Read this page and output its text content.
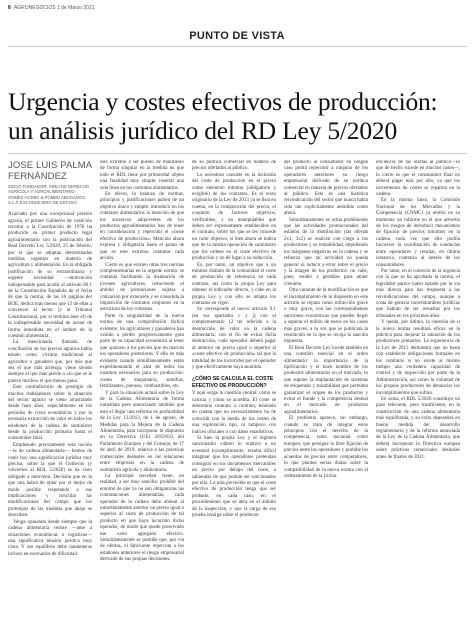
8 AGRONEGOCIOS 1 de Marzo 2021
PUNTO DE VISTA
Urgencia y costes efectivos de producción: un análisis jurídico del RD Ley 5/2020
JOSE LUIS PALMA FERNÁNDEZ
SOCIO FUNDADOR, ÁREA DE DERECHO AGRÍCOLA Y AGROALIMENTARIO · GÓMEZ-ACEBO & POMBO ABOGADOS S.L.P. EXCONSEJERO DE ESTADO

Acaciado por una excepcional presión agraria, el primer Gobierno de coalición recortar a la Constitución de 1978 ha producido su primer producto legal agroalimentario con la publicación del Real Decreto Ley 5/2020, 25 de febrero, por el que se adoptan determinadas medidas urgentes en materia de agricultura y alimentación. En la obligada justificación de su extraordinaria y urgente necesidad —motivación indispensable para acudir al artículo 86.1 de la Constitución Española de el fecha de que la norma, de las 16 páginas del BOE, dedica más menos que 13 de ellas a convencer al lector (y al Tribunal Constitucional, por si termina ante él) de la indispensable necesidad de actuar de forma inmediata en el ámbito de la cuestión alimentaria.

La mencionada llamada de conciliación de los precios agrarios había estado como víctima tradicional al agricultor o ganadero que, por más que sea el que más arriesga, viene siendo siempre el que más pierde o «lo que se le parece mucho» el que menos gana.

Este contradictorio de prestigio de muchos trabajadores sobre la situación del sector agrario se viene arrastrando desde hace años, especialmente en los periodos de crisis económicas y por la necesaria extracción de valor en todos los eslabones de la cadena de suministro desde la producción primaria hasta el consumidor final.

Empleando precisamente esta noción —la de cadena alimentaria— hemos de venir hoy una significación jurídica muy precisa, sobre la que el Gobierno (y volvemos al RDL 5/2020) se ha visto obligado a intervenir. Decisión que en la que una habrá de optar por el mejor de modo posible respetando a sus implicaciones y conciliar las modificaciones del campo que los prototipos de las medidas que abajo se describen.

Venga opinando desde siempre que la cadena alimentaria resiste —ante a situaciones económicas o logísticas— una significativa tensión jurídica muy clara. Y ese equilibrio debe mantenerse incluso en escenarios de dificultad.

este extremo a ser puesto de manifiesto de forma singular en la medida en que todo el RDL tiene por primordial objeto una finalidad muy simple: insertar una sola línea en los contratos alimentarios.

En efecto, la balanza de normas, principios y justificaciones parten de un objetivo único y simple: introducir en los contratos alimentarios la mención de que los sucesivos adquirentes de los productos agroalimentarios han de tener en consideración y repercutir el «coste efectivo de producción». Mención ahora expresa y obligatoria hasta el punto de que es este extremo contratar cada acción.

Cierto es que existen otras tres normas complementarias en la urgente norma: se continúa facilitando la instalación de jóvenes agricultores, reduciendo el ámbito de prestaciones sujetas a cotización por extensión y se consolida la imposición de contratos conjuntos en la estructura de los contratos.

Parte la singularidad de la nueva norma de una comprobación fáctica evidente: los agricultores y ganaderos han venido a perder progresivamente gran parte de su capacidad económica al tener que «pactar» a los precios que les marcan los operadores posteriores. Y ello en más evidente cuando simultáneamente están experimentando el alza de todos los insumos necesarios para su producción: costes de maquinaria, semillas, fertilizantes, piensos, combustibles, etc.

Y para la situación actual sobre la Ley de la Cadena Alimentaria de forma inmediata pero anunciando también que está el llegar una reforma en profundidad de la Ley 12/2013, de 1 de agosto, de Medidas para la Mejora de la Cadena Alimentaria, para incorporar lo dispuesto en la Directiva (UE) 2019/633 del Parlamento Europeo y del Consejo, de 17 de abril de 2019, relativa a las prácticas comerciales desleales en las relaciones entre empresas en la cadena de suministro agrícola y alimentario.

La principal novedad viene, en realidad, a ser muy sencilla: prohíbir del entorno de que ya no son obligatorias las contrataciones alimentarias, cada operador de la cadena debe abonar al inmediatamente anterior un precio igual o superior al coste de producción de tal producto en que haya incurrido dicho operador, de modo que quede preservado ese valor agregado efectivo. Simultáneamente se prohíbe que, por vía de ofertas, el fabricante repercuta a los eslabones anteriores el riesgo empresarial derivado de sus propias decisiones.

de su política comercial en materia de precios ofertados al público.

Lo novedoso consiste en la inclusión del coste de producción en el precio como elemento mínimo (obligatorio y exigible) de los contratos. Es el texto originario de la Ley de 2013 ya se lista en cuenta, en la composición del precio, el conjunto de factores objetivos, verificables, y no manipulables que deben ser expresamente establecidos en el contrato, sobre los que se les concede un valor objetivo, si bien ahora se indica que de la misma operación de suministro que los ordene en el coste efectivo de producción y no dé lugar a su reducción.

Es, por tanto, un objetivo que a un mínimo distinto de la comunidad el coste de producción de referencia en cada contrato, así como la propia Ley para obtener el indicador directo, y cabe en la propia Ley y con ello se adapta los contratos en vigor.

Se corresponde al nuevo artículo 9.1 (en sus apartados c y j) con el complementario 12 ter referido a la destrucción de valor en la cadena alimentaria: con el fin de evitar dicha destrucción, cada operador deberá pagar al anterior un precio igual o superior al «coste efectivo de producción» tal que la totalidad de los incurridos por el operador y que efectivamente haya asumido.

¿CÓMO SE CALCULA EL COSTE EFECTIVO DE PRODUCCIÓN?

Y aquí surge la cuestión central: cómo se calcula y cómo se acredita. El coste se determina contrato a contrato, teniendo en cuenta que no necesariamente ha de coincidir con la media de los costes de una explotación tipo, ni tampoco con índices oficiales o con datos estadísticos.

Si bien la propia Ley y el régimen sancionador cubren lo relativo a un eventual incumplimiento, resulta difícil imaginar que los operadores pretendan consignar en sus documentos mercantiles un precio por debajo del coste, a sabiendas de que podrán ser sancionados por ello. Lo más previsible es que el coste efectivo de producción tenga que ser probado, en cada caso, en el procedimiento que se abra en el ámbito de la inspección, y que la carga de esa prueba recaiga sobre el productor.

del producto al consumidor en ningún caso podrá repercutir a ninguno de los operadores anteriores su riesgo empresarial derivado de su política comercial en materia de precios ofertados al público. Esta es una histórica reivindicación del sector que nunca había sido tan explícitamente atendida como ahora.

Simultáneamente se actúa prohibiendo que las actividades promocionales del eslabón de la distribución (las ofertas 2x1, 3x2) se realicen con cargo a los productores y su rentabilidad, impidiendo los márgenes negativos en la cadena y se refuerza que tal actividad no pueda generar ni inducir a error sobre el precio y la imagen de los productos: no cabe, pues, vender a pérdidas para atraer clientela.

Otra variante de la modificación es que el incumplimiento de lo dispuesto en este artículo se reputa como infracción grave o muy grave, con las correspondientes sanciones económicas que pueden llegar a superar el millón de euros en los casos más graves, a la vez que se publicará la resolución en la que se recoja la sanción impuesta.

El Real Decreto Ley incide también en una cuestión esencial en el orden alimentario: la importancia de la tipificación y el buen nombre de los productos alimentarios en el mercado, lo que supone la implantación de sistemas de etiquetado y trazabilidad que permitan garantizar el origen de los productos y evitar el fraude y la competencia desleal en el mercado de productos agroalimentarios.

El problema aparece, sin embargo, cuando se trata de integrar estos principios con el derecho de la competencia, tanto nacional como europeo, que persigue la libre fijación de precios entre los operadores y prohíbe los acuerdos de precios entre competidores, lo que plantea serias dudas sobre la compatibilidad de la nueva norma con el ordenamiento de la Unión.

eficiencia de las ofertas al público—lo que de hecho sucede en muchos casos—, lo cierto es que el consumidor final no deberá pagar más por ello, ya que los incrementos de costes se reparten en la cadena.

En la misma línea, la Comisión Nacional de los Mercados y la Competencia (CNMC) ya emitió en su momento un informe en el que advertía de los riesgos de introducir mecanismos de fijación de precios mínimos en la cadena, toda vez que ello podría favorecer la coordinación de conductas entre operadores y resultar, en última instancia, contrario al interés de los consumidores.

Por tanto, en el contexto de la urgencia con la que se ha aprobado la norma, el legislador parece haber optado por la vía más directa para dar respuesta a las reivindicaciones del campo, aunque a costa de generar incertidumbres jurídicas que habrán de ser resueltas por los tribunales en los próximos años.

Y queda, por último, la cuestión de si la nueva norma resultará eficaz en la práctica para mejorar la situación de los productores primarios. La experiencia de la Ley de 2013 demuestra que no basta con establecer obligaciones formales en los contratos si no existe al mismo tiempo una verdadera capacidad de control y de inspección por parte de la Administración, así como la voluntad de los propios productores de denunciar los incumplimientos que sufran.

En suma, el RDL 5/2020 constituye un paso relevante, pero insuficiente, en la construcción de una cadena alimentaria más equilibrada, y su éxito dependerá en buena medida del desarrollo reglamentario y de la reforma anunciada de la Ley de la Cadena Alimentaria, que deberá incorporar la Directiva europea sobre prácticas comerciales desleales antes de finales de 2021.
